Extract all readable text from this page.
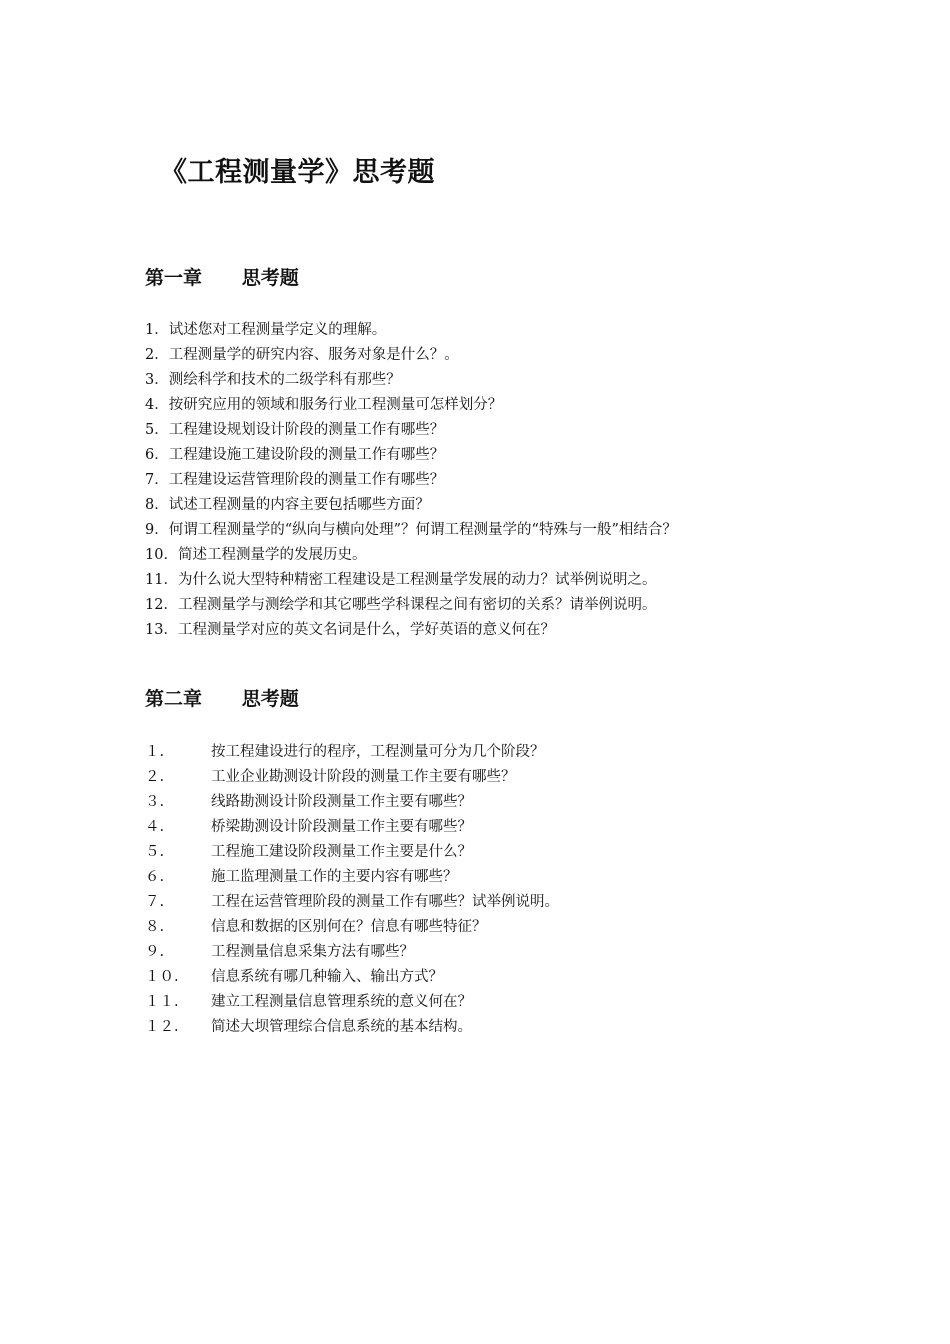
《工程测量学》思考题
第一章      思考题
1．试述您对工程测量学定义的理解。
2．工程测量学的研究内容、服务对象是什么？。
3．测绘科学和技术的二级学科有那些？
4．按研究应用的领域和服务行业工程测量可怎样划分？
5．工程建设规划设计阶段的测量工作有哪些？
6．工程建设施工建设阶段的测量工作有哪些？
7．工程建设运营管理阶段的测量工作有哪些？
8．试述工程测量的内容主要包括哪些方面？
9．何谓工程测量学的“纵向与横向处理”？何谓工程测量学的“特殊与一般”相结合？
10．简述工程测量学的发展历史。
11．为什么说大型特种精密工程建设是工程测量学发展的动力？试举例说明之。
12．工程测量学与测绘学和其它哪些学科课程之间有密切的关系？请举例说明。
13．工程测量学对应的英文名词是什么，学好英语的意义何在？
第二章      思考题
１.	按工程建设进行的程序，工程测量可分为几个阶段？
２.	工业企业勘测设计阶段的测量工作主要有哪些？
３.	线路勘测设计阶段测量工作主要有哪些？
４.	桥梁勘测设计阶段测量工作主要有哪些？
５.	工程施工建设阶段测量工作主要是什么？
６.	施工监理测量工作的主要内容有哪些？
７.	工程在运营管理阶段的测量工作有哪些？试举例说明。
８.	信息和数据的区别何在？信息有哪些特征？
９.	工程测量信息采集方法有哪些？
１０. 信息系统有哪几种输入、输出方式？
１１. 建立工程测量信息管理系统的意义何在？
１２. 简述大坝管理综合信息系统的基本结构。
